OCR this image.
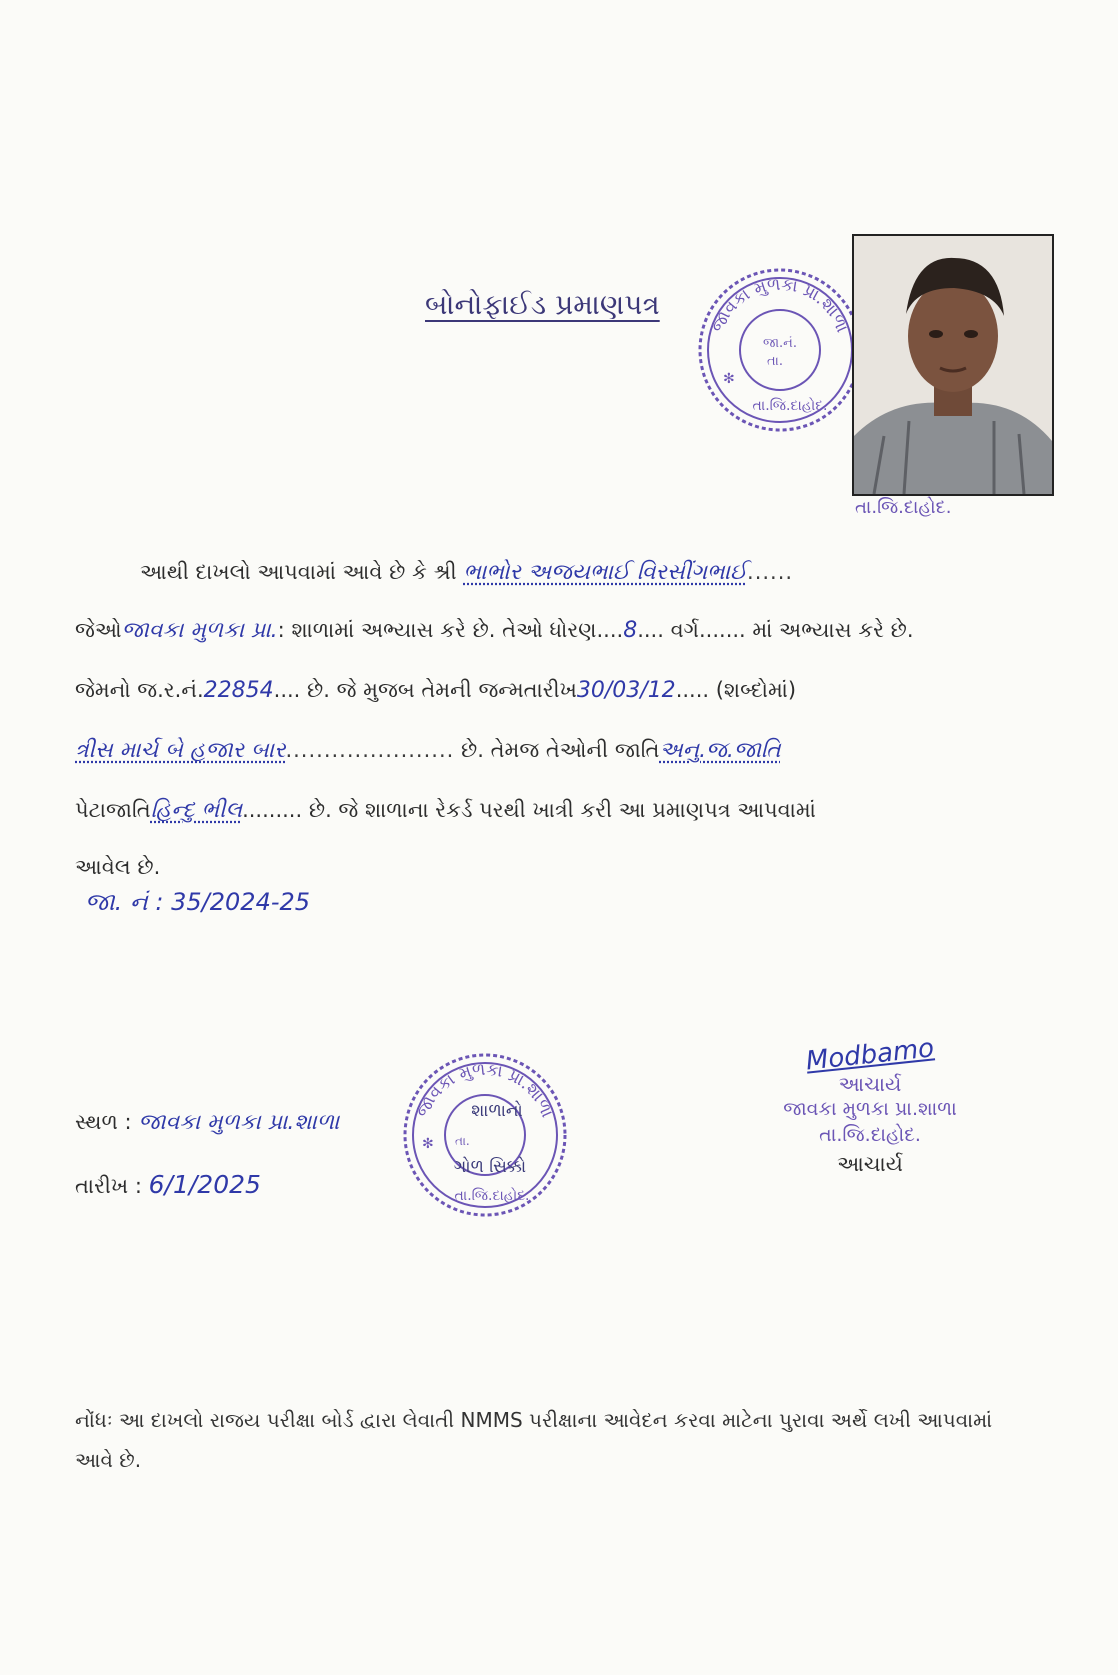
બોનોફાઈડ પ્રમાણપત્ર
જાવકા મુળકા પ્રા.શાળા
જા.નં.
તા.
તા.જિ.દાહોદ.
✻
તા.જિ.દાહોદ.
આથી દાખલો આપવામાં આવે છે કે શ્રી ભાભોર અજયભાઈ વિરસીંગભાઈ......
જેઓજાવકા મુળકા પ્રા.: શાળામાં અભ્યાસ કરે છે. તેઓ ધોરણ....8.... વર્ગ....... માં અભ્યાસ કરે છે.
જેમનો જ.ર.નં.22854.... છે. જે મુજબ તેમની જન્મતારીખ30/03/12..... (શબ્દોમાં)
ત્રીસ માર્ચ બે હજાર બાર...................... છે. તેમજ તેઓની જાતિઅનુ.જ.જાતિ
પેટાજાતિહિન્દુ ભીલ......... છે. જે શાળાના રેકર્ડ પરથી ખાત્રી કરી આ પ્રમાણપત્ર આપવામાં
આવેલ છે.
જા. નં : 35/2024-25
સ્થળ : જાવકા મુળકા પ્રા.શાળા
તારીખ : 6/1/2025
જાવકા મુળકા પ્રા.શાળા
તા.
શાળાનો
ગોળ સિક્કો
તા.જિ.દાહોદ.
✻
Modbamo
આચાર્ય
જાવકા મુળકા પ્રા.શાળા
તા.જિ.દાહોદ.
આચાર્ય
નોંધઃ આ દાખલો રાજય પરીક્ષા બોર્ડ દ્વારા લેવાતી NMMS પરીક્ષાના આવેદન કરવા માટેના પુરાવા અર્થે લખી આપવામાં આવે છે.
